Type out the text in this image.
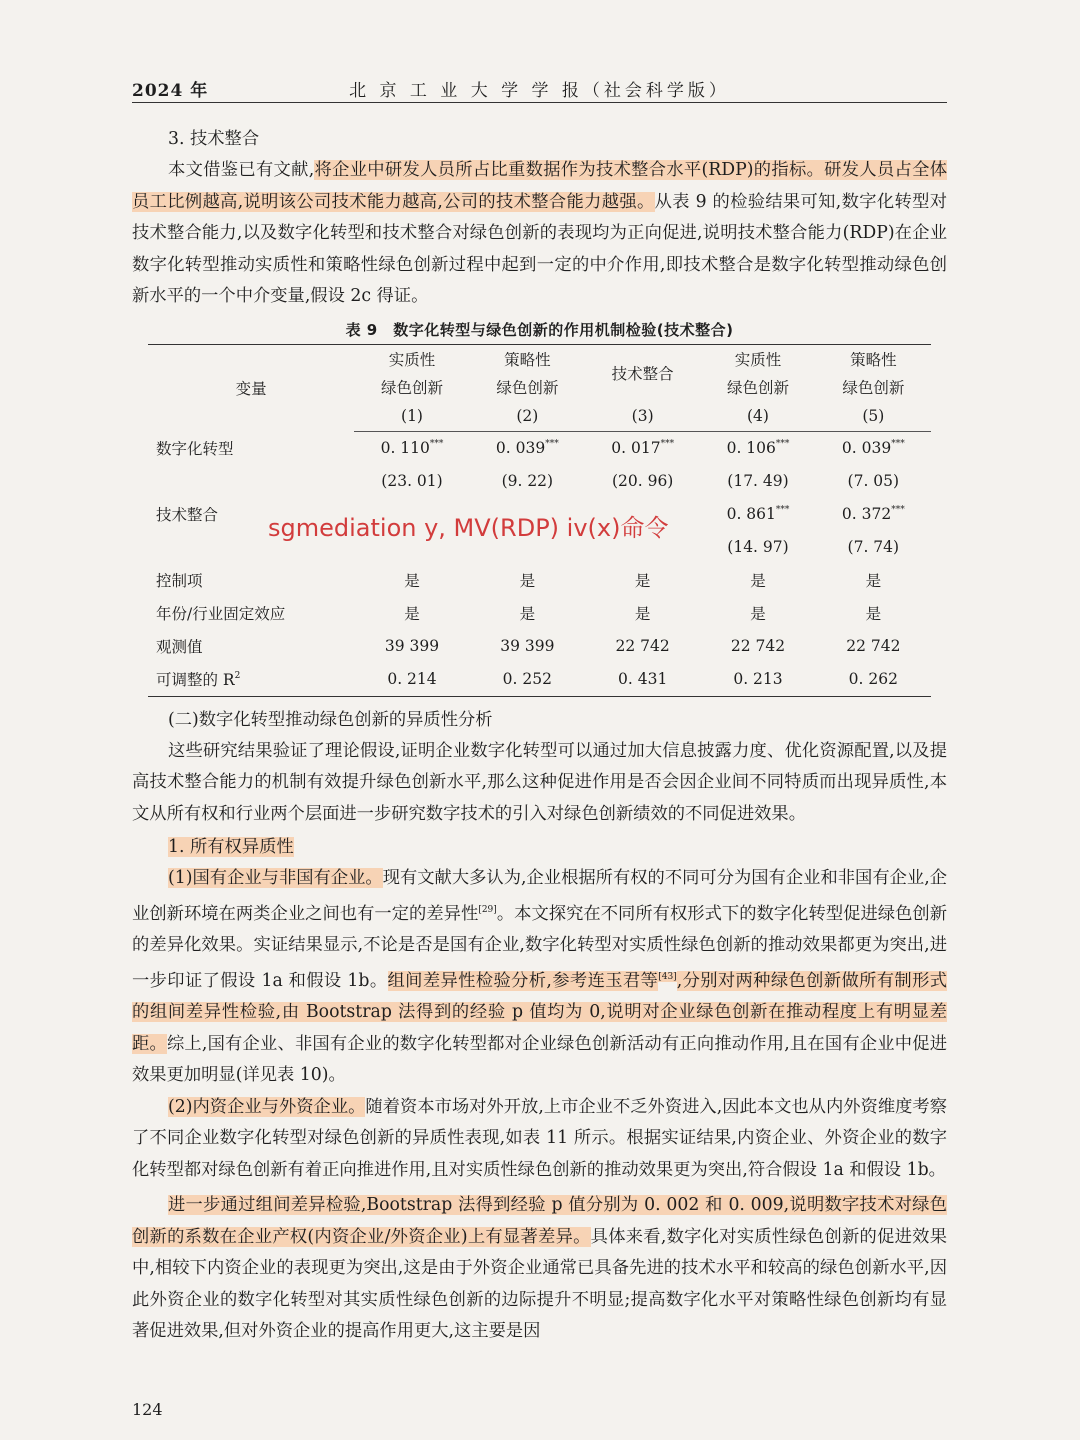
2024 年	北 京 工 业 大 学 学 报（社会科学版）
3. 技术整合

本文借鉴已有文献,将企业中研发人员所占比重数据作为技术整合水平(RDP)的指标。研发人员占全体员工比例越高,说明该公司技术能力越高,公司的技术整合能力越强。从表 9 的检验结果可知,数字化转型对技术整合能力,以及数字化转型和技术整合对绿色创新的表现均为正向促进,说明技术整合能力(RDP)在企业数字化转型推动实质性和策略性绿色创新过程中起到一定的中介作用,即技术整合是数字化转型推动绿色创新水平的一个中介变量,假设 2c 得证。

表 9　数字化转型与绿色创新的作用机制检验(技术整合)
变量	实质性	策略性	技术整合	实质性	策略性
	绿色创新	绿色创新		绿色创新	绿色创新
	(1)	(2)	(3)	(4)	(5)
数字化转型	0. 110***	0. 039***	0. 017***	0. 106***	0. 039***
	(23. 01)	(9. 22)	(20. 96)	(17. 49)	(7. 05)
技术整合				0. 861***	0. 372***
				(14. 97)	(7. 74)
控制项	是	是	是	是	是
年份/行业固定效应	是	是	是	是	是
观测值	39 399	39 399	22 742	22 742	22 742
可调整的 $R^2$	0. 214	0. 252	0. 431	0. 213	0. 262
(二)数字化转型推动绿色创新的异质性分析

这些研究结果验证了理论假设,证明企业数字化转型可以通过加大信息披露力度、优化资源配置,以及提高技术整合能力的机制有效提升绿色创新水平,那么这种促进作用是否会因企业间不同特质而出现异质性,本文从所有权和行业两个层面进一步研究数字技术的引入对绿色创新绩效的不同促进效果。

1. 所有权异质性

(1)国有企业与非国有企业。现有文献大多认为,企业根据所有权的不同可分为国有企业和非国有企业,企业创新环境在两类企业之间也有一定的差异性[29]。本文探究在不同所有权形式下的数字化转型促进绿色创新的差异化效果。实证结果显示,不论是否是国有企业,数字化转型对实质性绿色创新的推动效果都更为突出,进一步印证了假设 1a 和假设 1b。组间差异性检验分析,参考连玉君等[43],分别对两种绿色创新做所有制形式的组间差异性检验,由 Bootstrap 法得到的经验 p 值均为 0,说明对企业绿色创新在推动程度上有明显差距。综上,国有企业、非国有企业的数字化转型都对企业绿色创新活动有正向推动作用,且在国有企业中促进效果更加明显(详见表 10)。

(2)内资企业与外资企业。随着资本市场对外开放,上市企业不乏外资进入,因此本文也从内外资维度考察了不同企业数字化转型对绿色创新的异质性表现,如表 11 所示。根据实证结果,内资企业、外资企业的数字化转型都对绿色创新有着正向推进作用,且对实质性绿色创新的推动效果更为突出,符合假设 1a 和假设 1b。

进一步通过组间差异检验,Bootstrap 法得到经验 p 值分别为 0. 002 和 0. 009,说明数字技术对绿色创新的系数在企业产权(内资企业/外资企业)上有显著差异。具体来看,数字化对实质性绿色创新的促进效果中,相较下内资企业的表现更为突出,这是由于外资企业通常已具备先进的技术水平和较高的绿色创新水平,因此外资企业的数字化转型对其实质性绿色创新的边际提升不明显;提高数字化水平对策略性绿色创新均有显著促进效果,但对外资企业的提高作用更大,这主要是因

sgmediation y, MV(RDP) iv(x)命令
124
